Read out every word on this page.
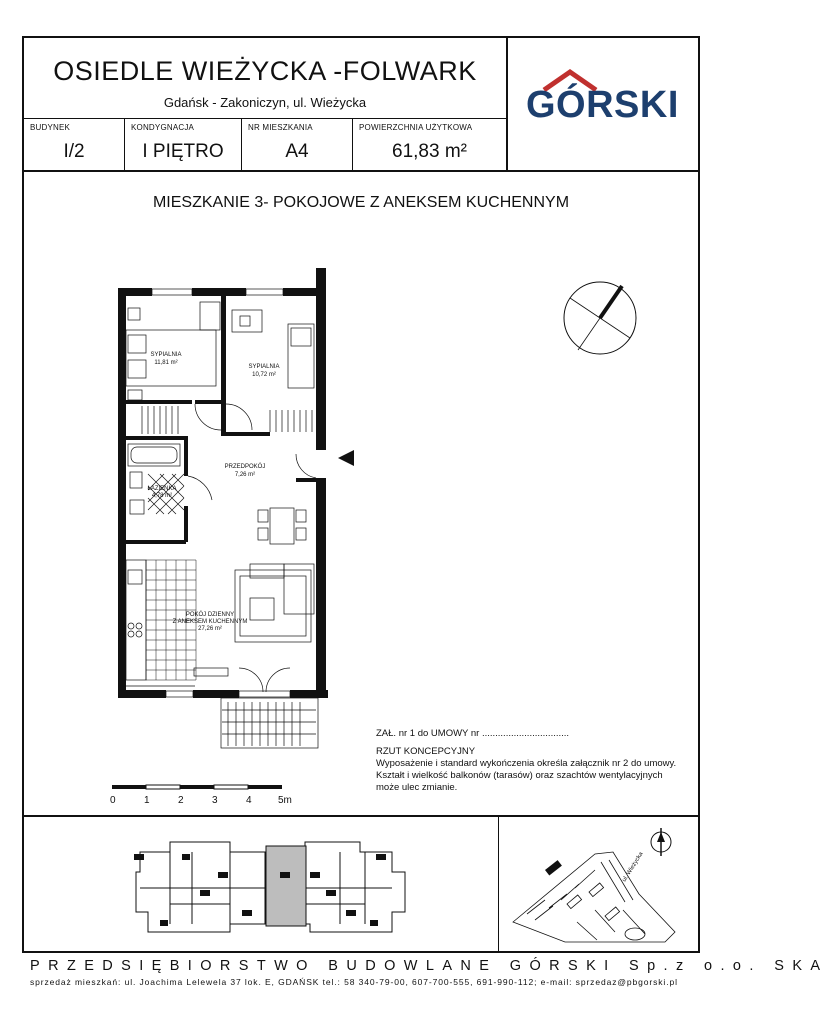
OSIEDLE WIEŻYCKA -FOLWARK
Gdańsk - Zakoniczyn, ul. Wieżycka
BUDYNEK
I/2
KONDYGNACJA
I PIĘTRO
NR MIESZKANIA
A4
POWIERZCHNIA UŻYTKOWA
61,83 m²
GÓRSKI
MIESZKANIE 3- POKOJOWE Z ANEKSEM KUCHENNYM
SYPIALNIA
11,81 m²
SYPIALNIA
10,72 m²
PRZEDPOKÓJ
7,26 m²
ŁAZIENKA
4,78 m²
POKÓJ DZIENNY
Z ANEKSEM KUCHENNYM
27,26 m²
0	1	2	3	4	5m
ZAŁ. nr 1 do UMOWY nr .................................
RZUT KONCEPCYJNY
Wyposażenie i standard wykończenia określa załącznik nr 2 do umowy.
Kształt i wielkość balkonów (tarasów) oraz szachtów wentylacyjnych
może ulec zmianie.
ul. Wieżycka
PRZEDSIĘBIORSTWO BUDOWLANE GÓRSKI Sp.z o.o. SKA
sprzedaż mieszkań: ul. Joachima Lelewela 37 lok. E, GDAŃSK tel.: 58 340-79-00, 607-700-555, 691-990-112; e-mail: sprzedaz@pbgorski.pl
